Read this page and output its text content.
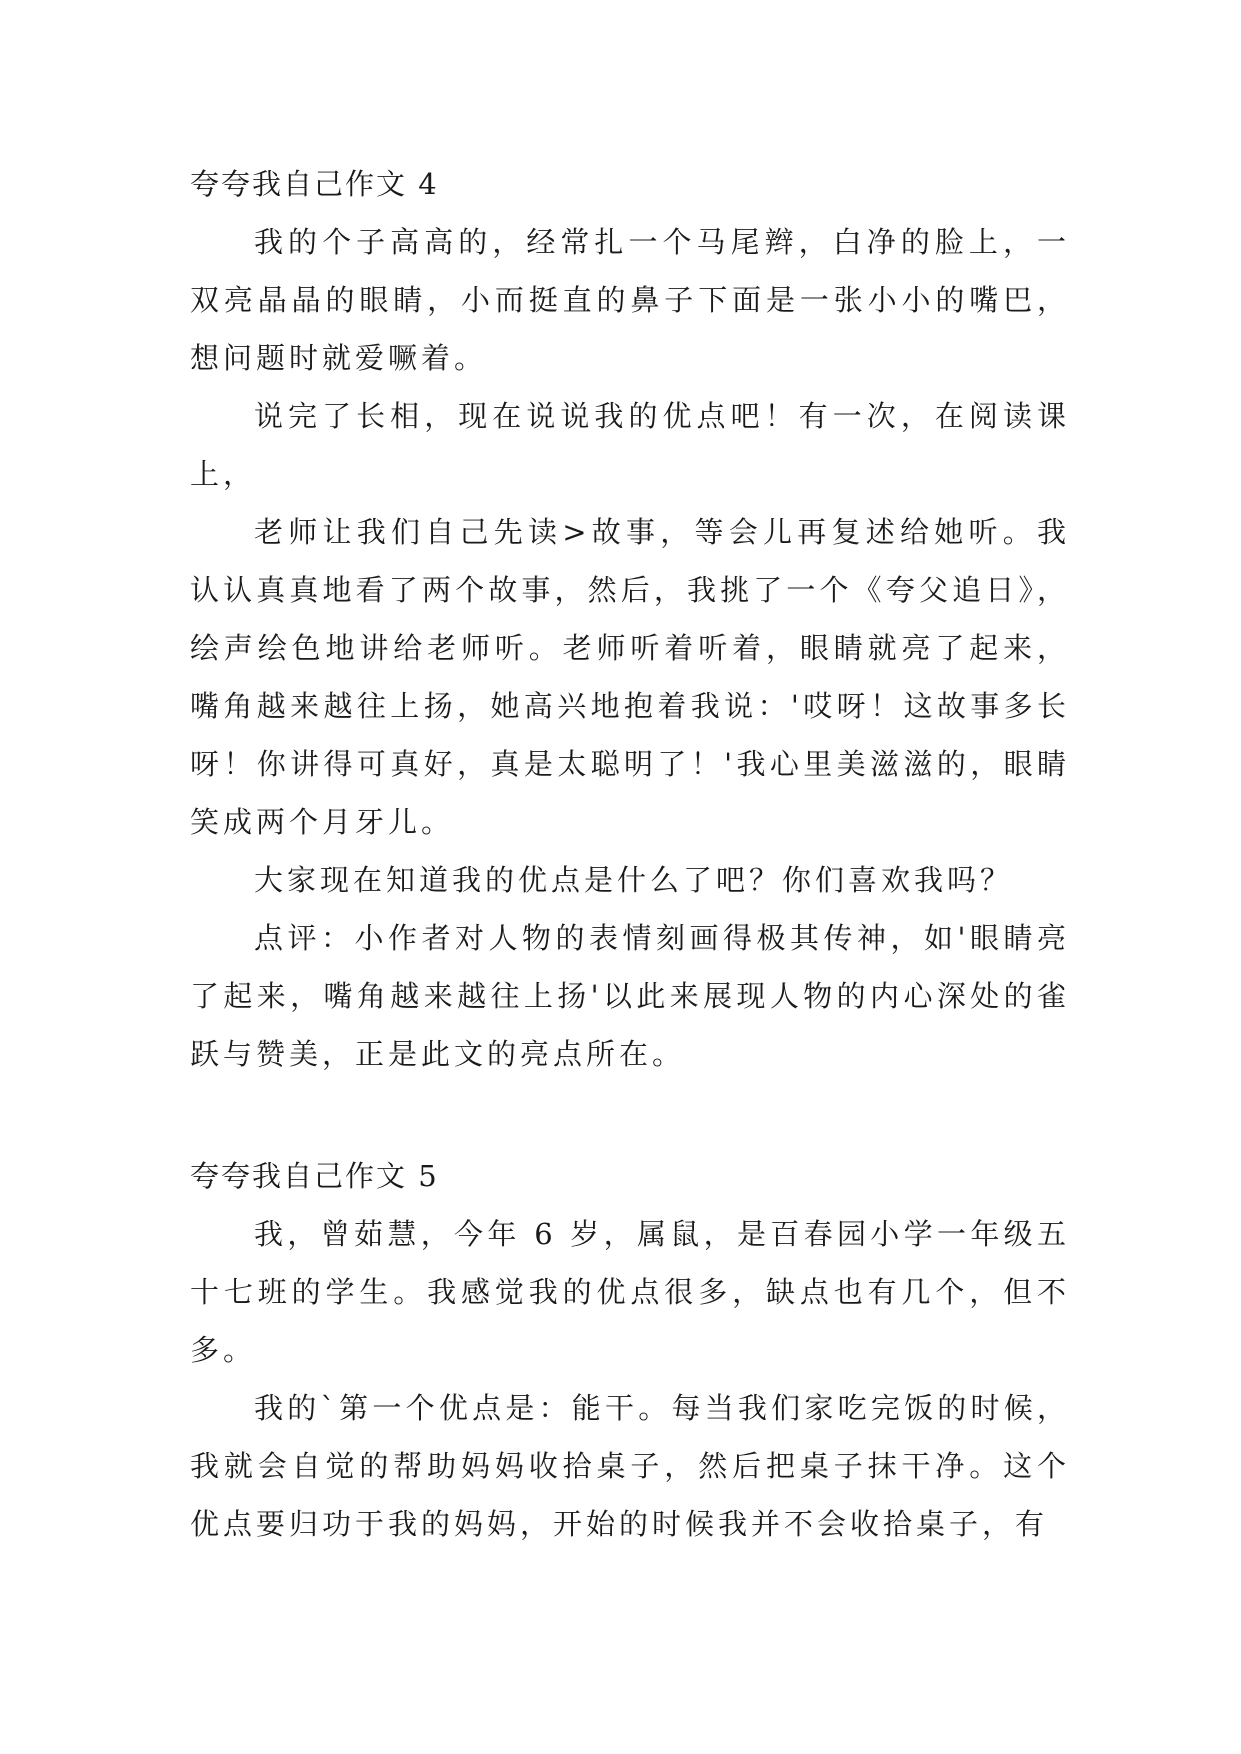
夸夸我自己作文 4

我的个子高高的，经常扎一个马尾辫，白净的脸上，一双亮晶晶的眼睛，小而挺直的鼻子下面是一张小小的嘴巴，想问题时就爱噘着。

说完了长相，现在说说我的优点吧！有一次，在阅读课上，

老师让我们自己先读>故事，等会儿再复述给她听。我认认真真地看了两个故事，然后，我挑了一个《夸父追日》，绘声绘色地讲给老师听。老师听着听着，眼睛就亮了起来，嘴角越来越往上扬，她高兴地抱着我说：'哎呀！这故事多长呀！你讲得可真好，真是太聪明了！'我心里美滋滋的，眼睛笑成两个月牙儿。

大家现在知道我的优点是什么了吧？你们喜欢我吗？

点评：小作者对人物的表情刻画得极其传神，如'眼睛亮了起来，嘴角越来越往上扬'以此来展现人物的内心深处的雀跃与赞美，正是此文的亮点所在。

夸夸我自己作文 5

我，曾茹慧，今年 6 岁，属鼠，是百春园小学一年级五十七班的学生。我感觉我的优点很多，缺点也有几个，但不多。

我的`第一个优点是：能干。每当我们家吃完饭的时候，我就会自觉的帮助妈妈收拾桌子，然后把桌子抹干净。这个优点要归功于我的妈妈，开始的时候我并不会收拾桌子，有
